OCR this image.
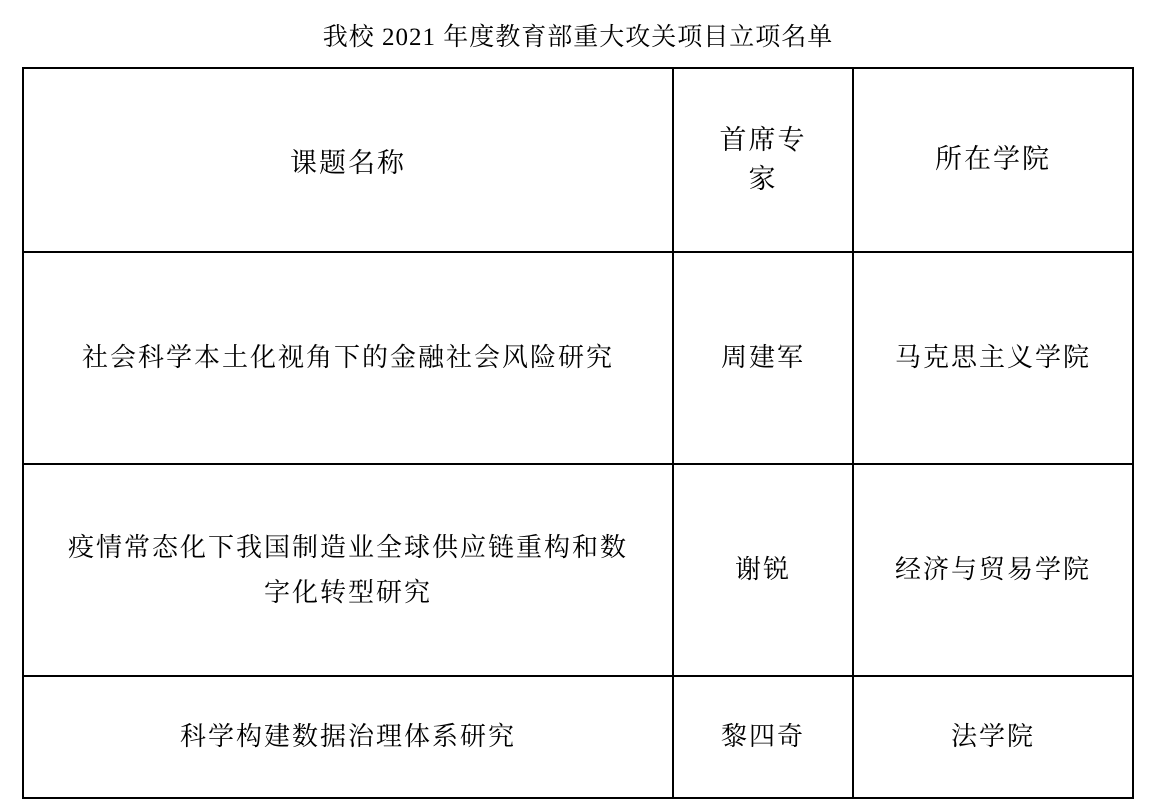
我校 2021 年度教育部重大攻关项目立项名单
课题名称	首席专家	所在学院
社会科学本土化视角下的金融社会风险研究	周建军	马克思主义学院
疫情常态化下我国制造业全球供应链重构和数字化转型研究	谢锐	经济与贸易学院
科学构建数据治理体系研究	黎四奇	法学院
